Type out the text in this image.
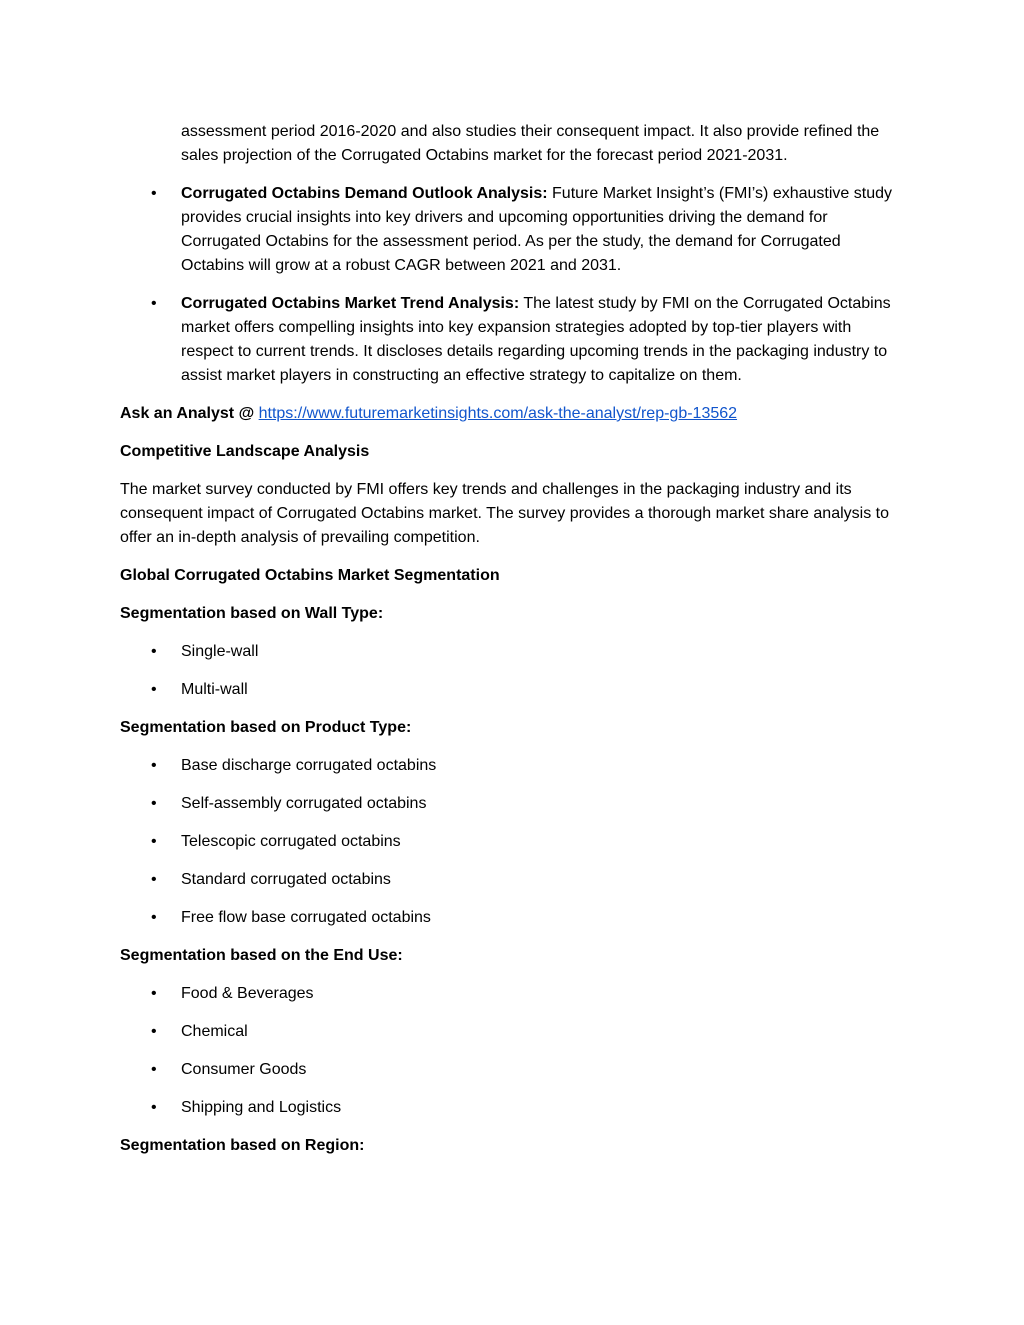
assessment period 2016-2020 and also studies their consequent impact. It also provide refined the sales projection of the Corrugated Octabins market for the forecast period 2021-2031.

• Corrugated Octabins Demand Outlook Analysis: Future Market Insight’s (FMI’s) exhaustive study provides crucial insights into key drivers and upcoming opportunities driving the demand for Corrugated Octabins for the assessment period. As per the study, the demand for Corrugated Octabins will grow at a robust CAGR between 2021 and 2031.

• Corrugated Octabins Market Trend Analysis: The latest study by FMI on the Corrugated Octabins market offers compelling insights into key expansion strategies adopted by top-tier players with respect to current trends. It discloses details regarding upcoming trends in the packaging industry to assist market players in constructing an effective strategy to capitalize on them.

Ask an Analyst @ https://www.futuremarketinsights.com/ask-the-analyst/rep-gb-13562

Competitive Landscape Analysis

The market survey conducted by FMI offers key trends and challenges in the packaging industry and its consequent impact of Corrugated Octabins market. The survey provides a thorough market share analysis to offer an in-depth analysis of prevailing competition.

Global Corrugated Octabins Market Segmentation

Segmentation based on Wall Type:

• Single-wall

• Multi-wall

Segmentation based on Product Type:

• Base discharge corrugated octabins

• Self-assembly corrugated octabins

• Telescopic corrugated octabins

• Standard corrugated octabins

• Free flow base corrugated octabins

Segmentation based on the End Use:

• Food & Beverages

• Chemical

• Consumer Goods

• Shipping and Logistics

Segmentation based on Region:
